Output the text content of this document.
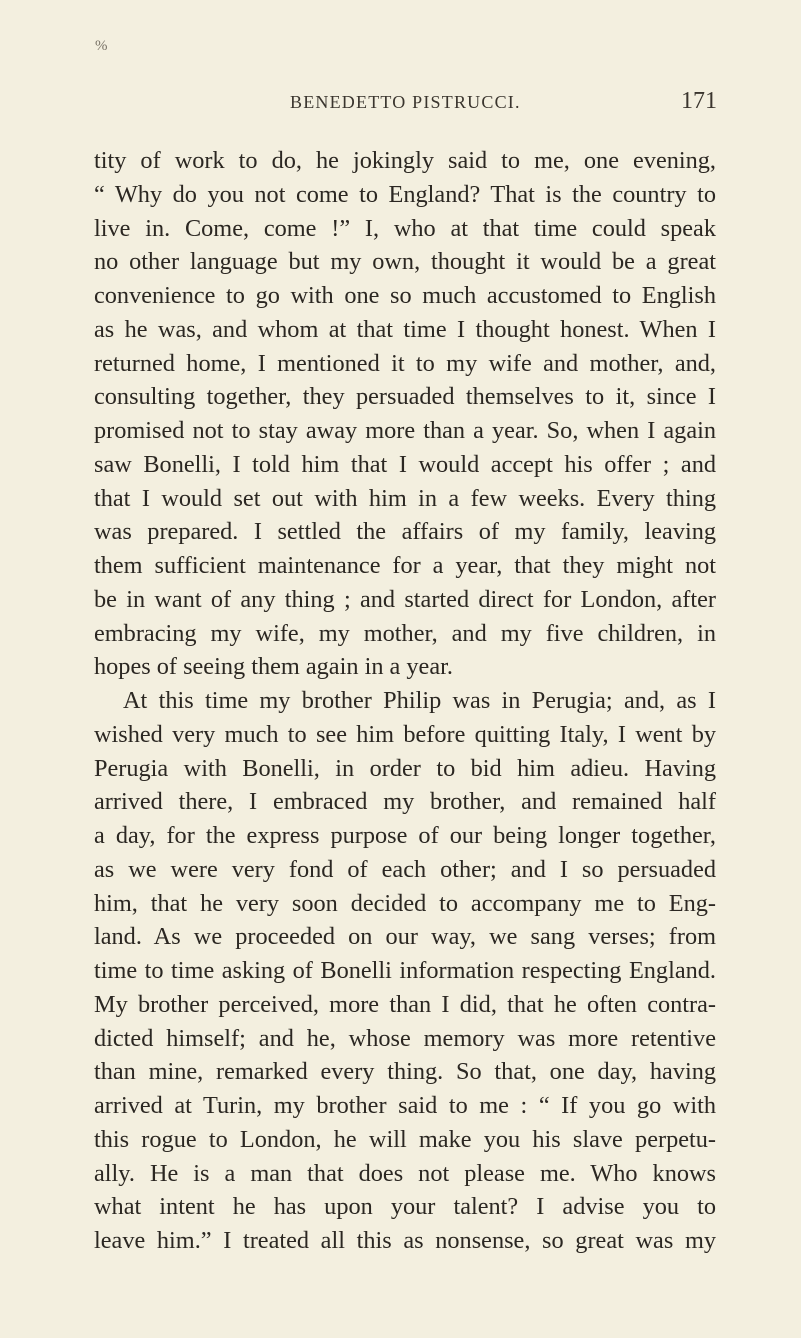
%
BENEDETTO PISTRUCCI.	171
tity of work to do, he jokingly said to me, one evening,
“ Why do you not come to England? That is the country to
live in. Come, come !” I, who at that time could speak
no other language but my own, thought it would be a great
convenience to go with one so much accustomed to English
as he was, and whom at that time I thought honest. When I
returned home, I mentioned it to my wife and mother, and,
consulting together, they persuaded themselves to it, since I
promised not to stay away more than a year. So, when I again
saw Bonelli, I told him that I would accept his offer ; and
that I would set out with him in a few weeks. Every thing
was prepared. I settled the affairs of my family, leaving
them sufficient maintenance for a year, that they might not
be in want of any thing ; and started direct for London, after
embracing my wife, my mother, and my five children, in
hopes of seeing them again in a year.
At this time my brother Philip was in Perugia; and, as I
wished very much to see him before quitting Italy, I went by
Perugia with Bonelli, in order to bid him adieu. Having
arrived there, I embraced my brother, and remained half
a day, for the express purpose of our being longer together,
as we were very fond of each other; and I so persuaded
him, that he very soon decided to accompany me to Eng-
land. As we proceeded on our way, we sang verses; from
time to time asking of Bonelli information respecting England.
My brother perceived, more than I did, that he often contra-
dicted himself; and he, whose memory was more retentive
than mine, remarked every thing. So that, one day, having
arrived at Turin, my brother said to me : “ If you go with
this rogue to London, he will make you his slave perpetu-
ally. He is a man that does not please me. Who knows
what intent he has upon your talent? I advise you to
leave him.” I treated all this as nonsense, so great was my
